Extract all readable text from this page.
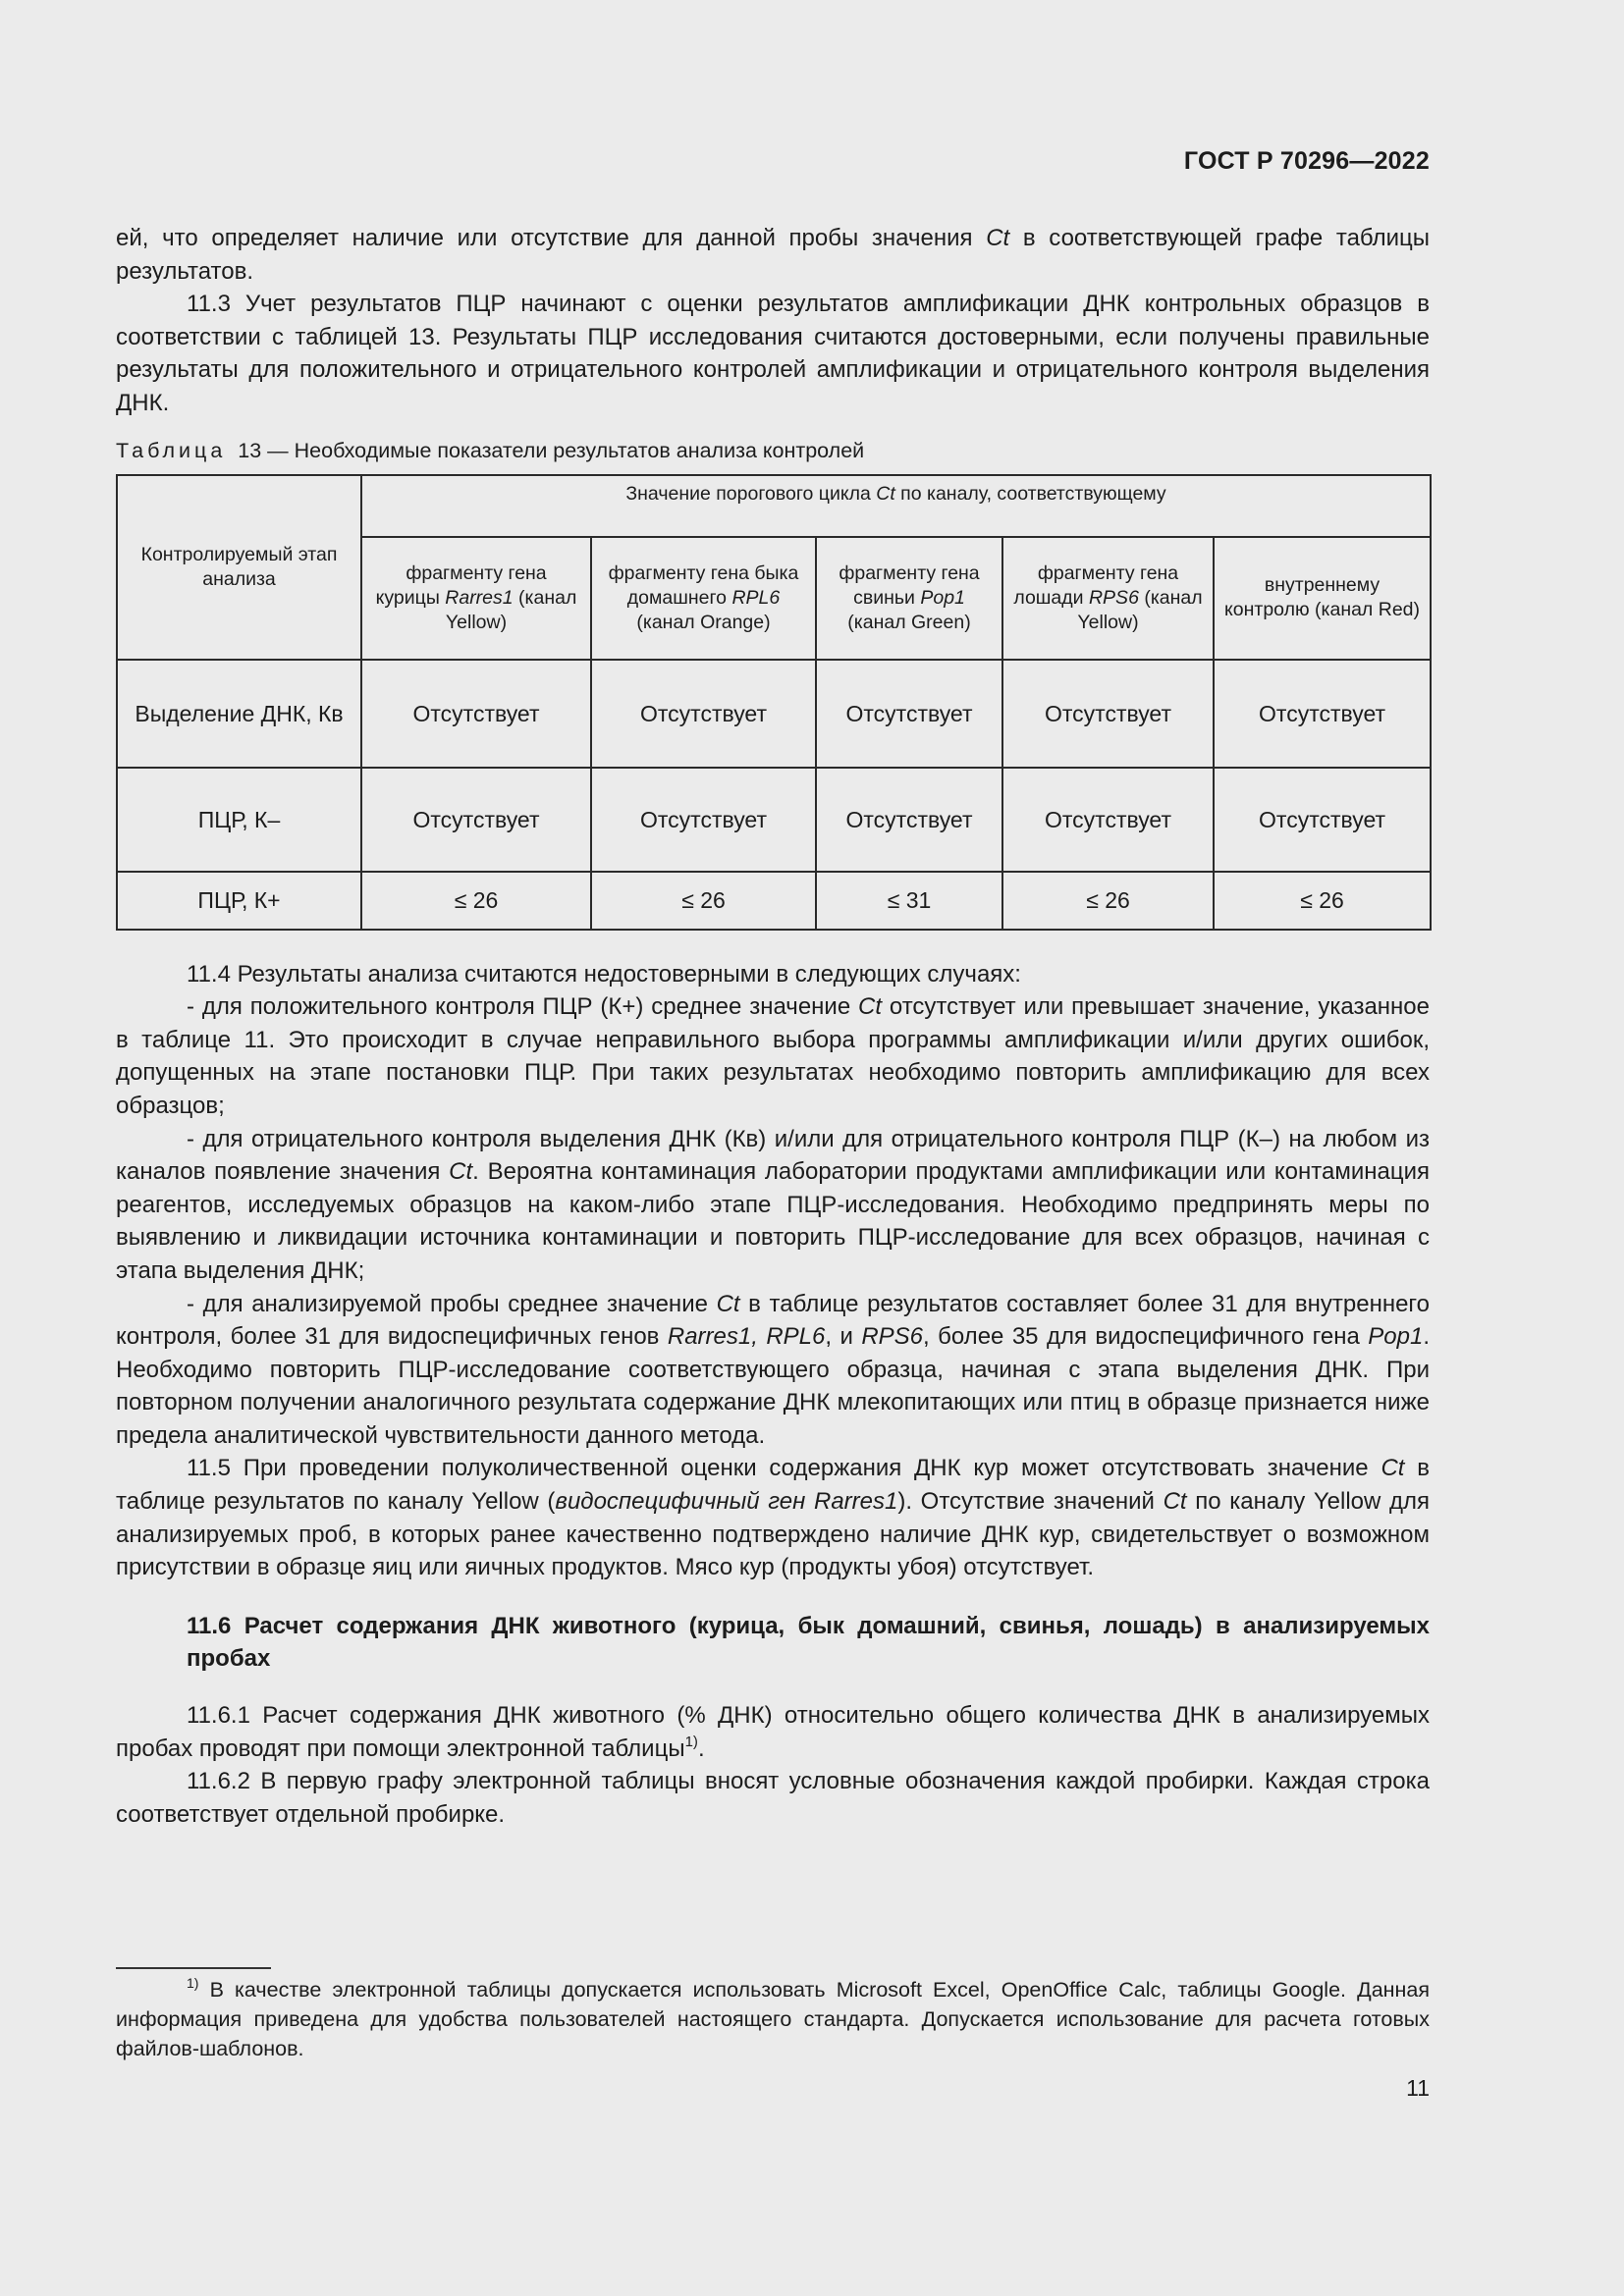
ГОСТ Р 70296—2022

ей, что определяет наличие или отсутствие для данной пробы значения Ct в соответствующей графе таблицы результатов.

11.3 Учет результатов ПЦР начинают с оценки результатов амплификации ДНК контрольных образцов в соответствии с таблицей 13. Результаты ПЦР исследования считаются достоверными, если получены правильные результаты для положительного и отрицательного контролей амплификации и отрицательного контроля выделения ДНК.

Таблица 13 — Необходимые показатели результатов анализа контролей
Контролируемый этап анализа	Значение порогового цикла Ct по каналу, соответствующему				
	фрагменту гена курицы Rarres1 (канал Yellow)	фрагменту гена быка домашнего RPL6 (канал Orange)	фрагменту гена свиньи Pop1 (канал Green)	фрагменту гена лошади RPS6 (канал Yellow)	внутреннему контролю (канал Red)
Выделение ДНК, Кв	Отсутствует	Отсутствует	Отсутствует	Отсутствует	Отсутствует
ПЦР, К–	Отсутствует	Отсутствует	Отсутствует	Отсутствует	Отсутствует
ПЦР, К+	≤ 26	≤ 26	≤ 31	≤ 26	≤ 26

11.4 Результаты анализа считаются недостоверными в следующих случаях:

- для положительного контроля ПЦР (К+) среднее значение Ct отсутствует или превышает значение, указанное в таблице 11. Это происходит в случае неправильного выбора программы амплификации и/или других ошибок, допущенных на этапе постановки ПЦР. При таких результатах необходимо повторить амплификацию для всех образцов;

- для отрицательного контроля выделения ДНК (Кв) и/или для отрицательного контроля ПЦР (К–) на любом из каналов появление значения Ct. Вероятна контаминация лаборатории продуктами амплификации или контаминация реагентов, исследуемых образцов на каком-либо этапе ПЦР-исследования. Необходимо предпринять меры по выявлению и ликвидации источника контаминации и повторить ПЦР-исследование для всех образцов, начиная с этапа выделения ДНК;

- для анализируемой пробы среднее значение Ct в таблице результатов составляет более 31 для внутреннего контроля, более 31 для видоспецифичных генов Rarres1, RPL6, и RPS6, более 35 для видоспецифичного гена Pop1. Необходимо повторить ПЦР-исследование соответствующего образца, начиная с этапа выделения ДНК. При повторном получении аналогичного результата содержание ДНК млекопитающих или птиц в образце признается ниже предела аналитической чувствительности данного метода.

11.5 При проведении полуколичественной оценки содержания ДНК кур может отсутствовать значение Ct в таблице результатов по каналу Yellow (видоспецифичный ген Rarres1). Отсутствие значений Ct по каналу Yellow для анализируемых проб, в которых ранее качественно подтверждено наличие ДНК кур, свидетельствует о возможном присутствии в образце яиц или яичных продуктов. Мясо кур (продукты убоя) отсутствует.

11.6 Расчет содержания ДНК животного (курица, бык домашний, свинья, лошадь) в анализируемых пробах

11.6.1 Расчет содержания ДНК животного (% ДНК) относительно общего количества ДНК в анализируемых пробах проводят при помощи электронной таблицы$^{1)}$.

11.6.2 В первую графу электронной таблицы вносят условные обозначения каждой пробирки. Каждая строка соответствует отдельной пробирке.

$^{1)}$ В качестве электронной таблицы допускается использовать Microsoft Excel, OpenOffice Calc, таблицы Google. Данная информация приведена для удобства пользователей настоящего стандарта. Допускается использование для расчета готовых файлов-шаблонов.
11
